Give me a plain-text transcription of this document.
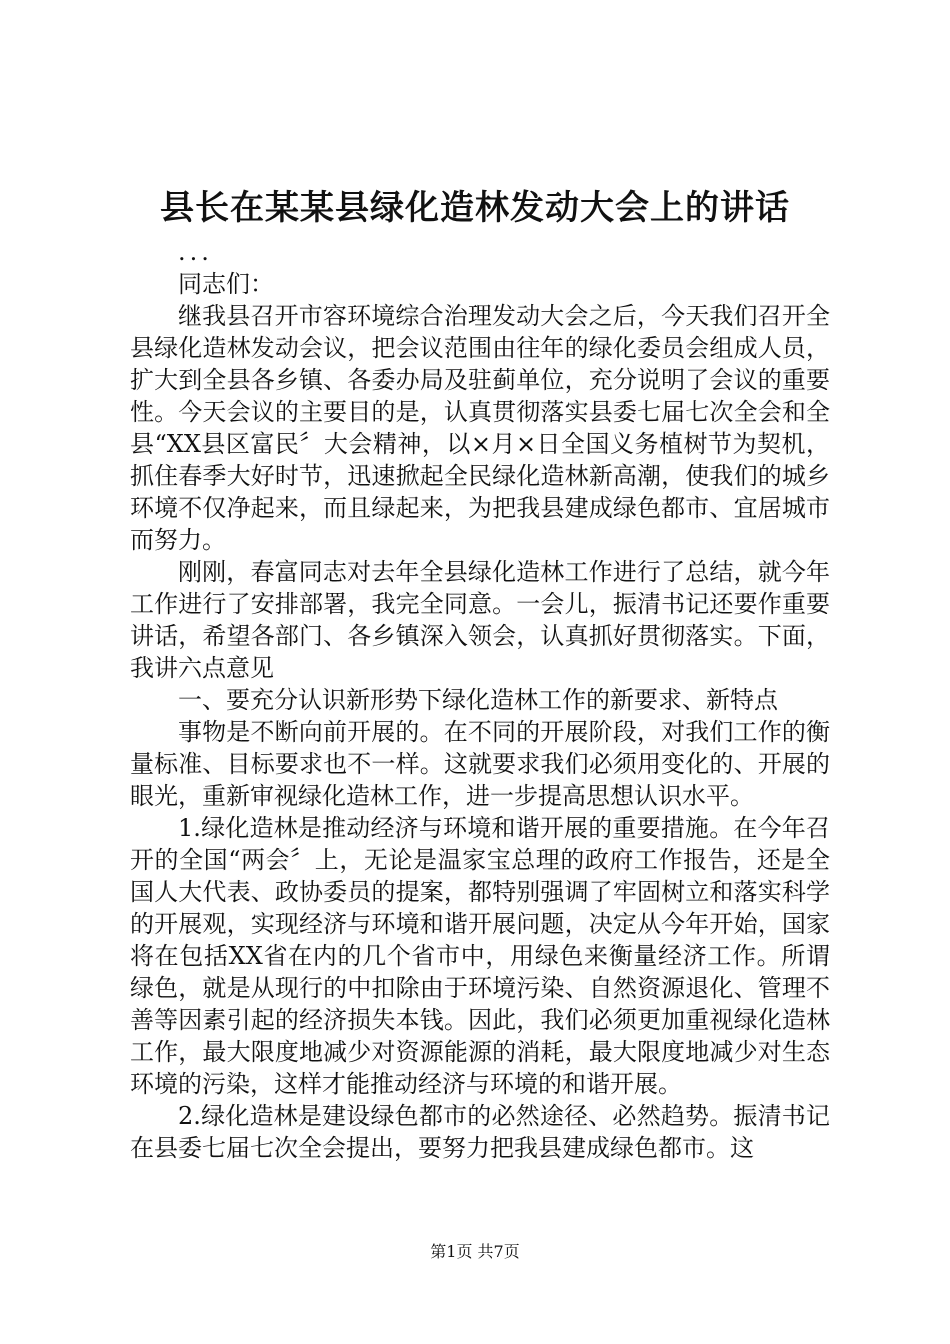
县长在某某县绿化造林发动大会上的讲话

...

同志们：

继我县召开市容环境综合治理发动大会之后，今天我们召开全县绿化造林发动会议，把会议范围由往年的绿化委员会组成人员，扩大到全县各乡镇、各委办局及驻蓟单位，充分说明了会议的重要性。今天会议的主要目的是，认真贯彻落实县委七届七次全会和全县“XX县区富民〞大会精神，以×月×日全国义务植树节为契机，抓住春季大好时节，迅速掀起全民绿化造林新高潮，使我们的城乡环境不仅净起来，而且绿起来，为把我县建成绿色都市、宜居城市而努力。

刚刚，春富同志对去年全县绿化造林工作进行了总结，就今年工作进行了安排部署，我完全同意。一会儿，振清书记还要作重要讲话，希望各部门、各乡镇深入领会，认真抓好贯彻落实。下面，我讲六点意见

一、要充分认识新形势下绿化造林工作的新要求、新特点

事物是不断向前开展的。在不同的开展阶段，对我们工作的衡量标准、目标要求也不一样。这就要求我们必须用变化的、开展的眼光，重新审视绿化造林工作，进一步提高思想认识水平。

1.绿化造林是推动经济与环境和谐开展的重要措施。在今年召开的全国“两会〞上，无论是温家宝总理的政府工作报告，还是全国人大代表、政协委员的提案，都特别强调了牢固树立和落实科学的开展观，实现经济与环境和谐开展问题，决定从今年开始，国家将在包括XX省在内的几个省市中，用绿色来衡量经济工作。所谓绿色，就是从现行的中扣除由于环境污染、自然资源退化、管理不善等因素引起的经济损失本钱。因此，我们必须更加重视绿化造林工作，最大限度地减少对资源能源的消耗，最大限度地减少对生态环境的污染，这样才能推动经济与环境的和谐开展。

2.绿化造林是建设绿色都市的必然途径、必然趋势。振清书记在县委七届七次全会提出，要努力把我县建成绿色都市。这

第1页 共7页
